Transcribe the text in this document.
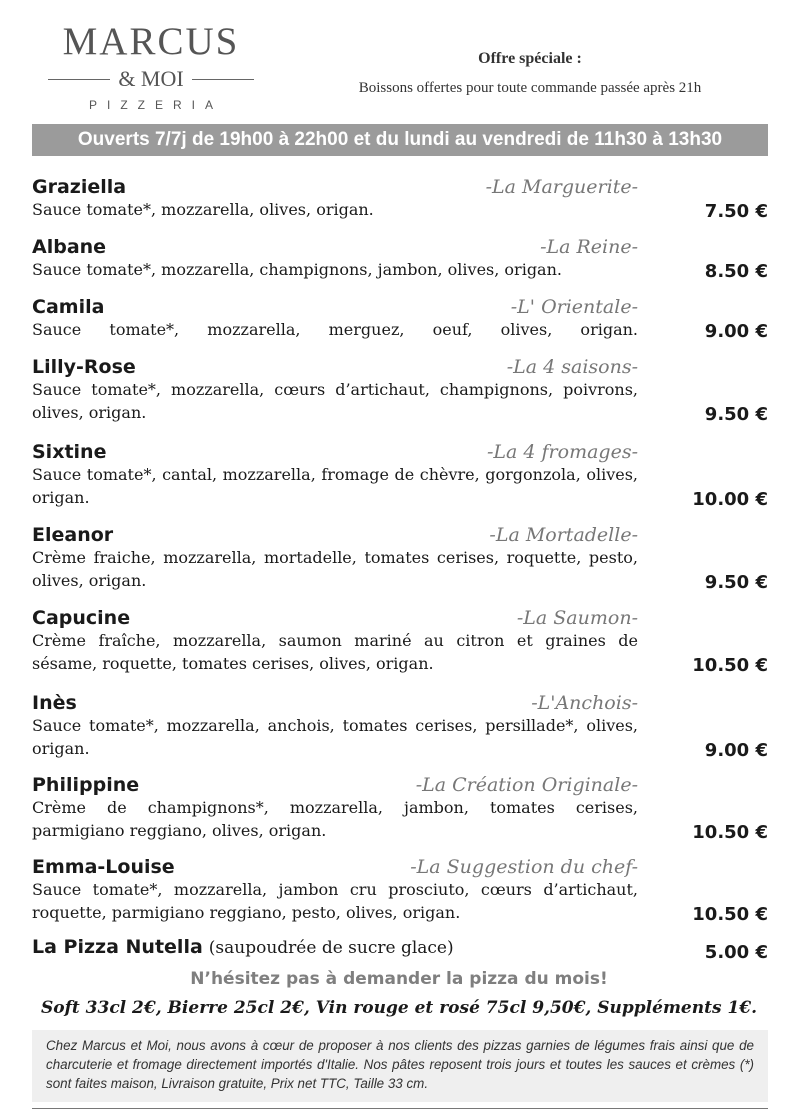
MARCUS
& MOI
PIZZERIA
Offre spéciale :
Boissons offertes pour toute commande passée après 21h
Ouverts 7/7j de 19h00 à 22h00 et du lundi au vendredi de 11h30 à 13h30
Graziella	-La Marguerite-
Sauce tomate*, mozzarella, olives, origan.	7.50 €
Albane	-La Reine-
Sauce tomate*, mozzarella, champignons, jambon, olives, origan.	8.50 €
Camila	-L' Orientale-
Sauce tomate*, mozzarella, merguez, oeuf, olives, origan.	9.00 €
Lilly-Rose	-La 4 saisons-
Sauce tomate*, mozzarella, cœurs d’artichaut, champignons, poivrons, olives, origan.	9.50 €
Sixtine	-La 4 fromages-
Sauce tomate*, cantal, mozzarella, fromage de chèvre, gorgonzola, olives, origan.	10.00 €
Eleanor	-La Mortadelle-
Crème fraiche, mozzarella, mortadelle, tomates cerises, roquette, pesto, olives, origan.	9.50 €
Capucine	-La Saumon-
Crème fraîche, mozzarella, saumon mariné au citron et graines de sésame, roquette, tomates cerises, olives, origan.	10.50 €
Inès	-L'Anchois-
Sauce tomate*, mozzarella, anchois, tomates cerises, persillade*, olives, origan.	9.00 €
Philippine	-La Création Originale-
Crème de champignons*, mozzarella, jambon, tomates cerises, parmigiano reggiano, olives, origan.	10.50 €
Emma-Louise	-La Suggestion du chef-
Sauce tomate*, mozzarella, jambon cru prosciuto, cœurs d’artichaut, roquette, parmigiano reggiano, pesto, olives, origan.	10.50 €
La Pizza Nutella (saupoudrée de sucre glace)	5.00 €
N’hésitez pas à demander la pizza du mois!
Soft 33cl 2€, Bierre 25cl 2€, Vin rouge et rosé 75cl 9,50€, Suppléments 1€.
Chez Marcus et Moi, nous avons à cœur de proposer à nos clients des pizzas garnies de légumes frais ainsi que de charcuterie et fromage directement importés d'Italie. Nos pâtes reposent trois jours et toutes les sauces et crèmes (*) sont faites maison, Livraison gratuite, Prix net TTC, Taille 33 cm.
